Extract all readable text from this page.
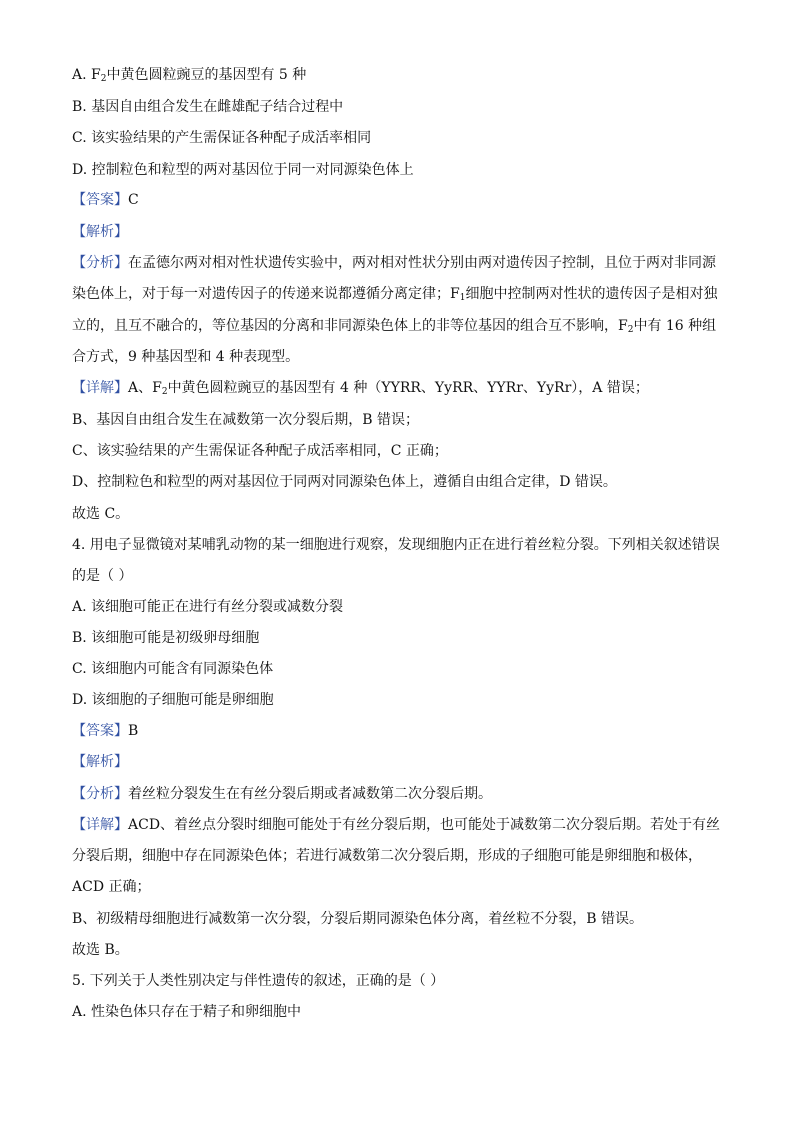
A. $F_2$中黄色圆粒豌豆的基因型有 5 种
B. 基因自由组合发生在雌雄配子结合过程中
C. 该实验结果的产生需保证各种配子成活率相同
D. 控制粒色和粒型的两对基因位于同一对同源染色体上
【答案】C
【解析】
【分析】在孟德尔两对相对性状遗传实验中，两对相对性状分别由两对遗传因子控制，且位于两对非同源
染色体上，对于每一对遗传因子的传递来说都遵循分离定律；$F_1$细胞中控制两对性状的遗传因子是相对独
立的，且互不融合的，等位基因的分离和非同源染色体上的非等位基因的组合互不影响，$F_2$中有 16 种组
合方式，9 种基因型和 4 种表现型。
【详解】A、$F_2$中黄色圆粒豌豆的基因型有 4 种（YYRR、YyRR、YYRr、YyRr），A 错误；
B、基因自由组合发生在减数第一次分裂后期，B 错误；
C、该实验结果的产生需保证各种配子成活率相同，C 正确；
D、控制粒色和粒型的两对基因位于同两对同源染色体上，遵循自由组合定律，D 错误。
故选 C。
4. 用电子显微镜对某哺乳动物的某一细胞进行观察，发现细胞内正在进行着丝粒分裂。下列相关叙述错误
的是（ ）
A. 该细胞可能正在进行有丝分裂或减数分裂
B. 该细胞可能是初级卵母细胞
C. 该细胞内可能含有同源染色体
D. 该细胞的子细胞可能是卵细胞
【答案】B
【解析】
【分析】着丝粒分裂发生在有丝分裂后期或者减数第二次分裂后期。
【详解】ACD、着丝点分裂时细胞可能处于有丝分裂后期，也可能处于减数第二次分裂后期。若处于有丝
分裂后期，细胞中存在同源染色体；若进行减数第二次分裂后期，形成的子细胞可能是卵细胞和极体，
ACD 正确；
B、初级精母细胞进行减数第一次分裂，分裂后期同源染色体分离，着丝粒不分裂，B 错误。
故选 B。
5. 下列关于人类性别决定与伴性遗传的叙述，正确的是（ ）
A. 性染色体只存在于精子和卵细胞中
